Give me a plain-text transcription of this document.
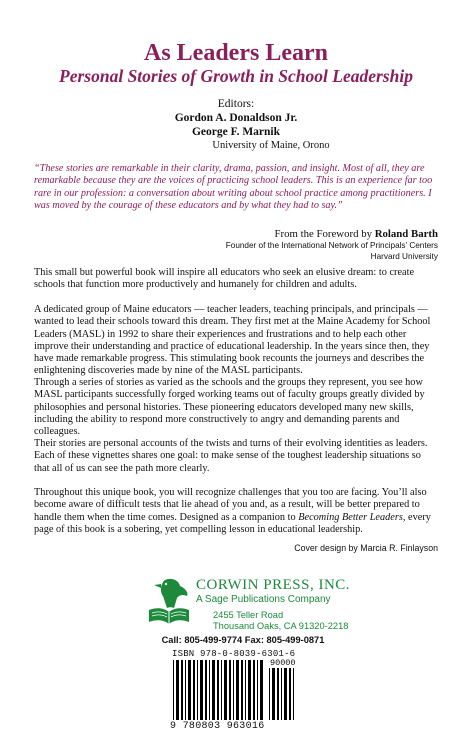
As Leaders Learn
Personal Stories of Growth in School Leadership
Editors:
Gordon A. Donaldson Jr.
George F. Marnik
University of Maine, Orono

“These stories are remarkable in their clarity, drama, passion, and insight. Most of all, they are remarkable because they are the voices of practicing school leaders. This is an experience far too rare in our profession: a conversation about writing about school practice among practitioners. I was moved by the courage of these educators and by what they had to say.”

From the Foreword by Roland Barth
Founder of the International Network of Principals’ Centers
Harvard University

This small but powerful book will inspire all educators who seek an elusive dream: to create schools that function more productively and humanely for children and adults.

A dedicated group of Maine educators — teacher leaders, teaching principals, and principals — wanted to lead their schools toward this dream. They first met at the Maine Academy for School Leaders (MASL) in 1992 to share their experiences and frustrations and to help each other improve their understanding and practice of educational leadership. In the years since then, they have made remarkable progress. This stimulating book recounts the journeys and describes the enlightening discoveries made by nine of the MASL participants.

Through a series of stories as varied as the schools and the groups they represent, you see how MASL participants successfully forged working teams out of faculty groups greatly divided by philosophies and personal histories. These pioneering educators developed many new skills, including the ability to respond more constructively to angry and demanding parents and colleagues.

Their stories are personal accounts of the twists and turns of their evolving identities as leaders. Each of these vignettes shares one goal: to make sense of the toughest leadership situations so that all of us can see the path more clearly.

Throughout this unique book, you will recognize challenges that you too are facing. You’ll also become aware of difficult tests that lie ahead of you and, as a result, will be better prepared to handle them when the time comes. Designed as a companion to Becoming Better Leaders, every page of this book is a sobering, yet compelling lesson in educational leadership.

Cover design by Marcia R. Finlayson
CORWIN PRESS, INC.
A Sage Publications Company
2455 Teller Road
Thousand Oaks, CA 91320-2218
Call: 805-499-9774 Fax: 805-499-0871
ISBN 978-0-8039-6301-6
90000
9 780803 963016
